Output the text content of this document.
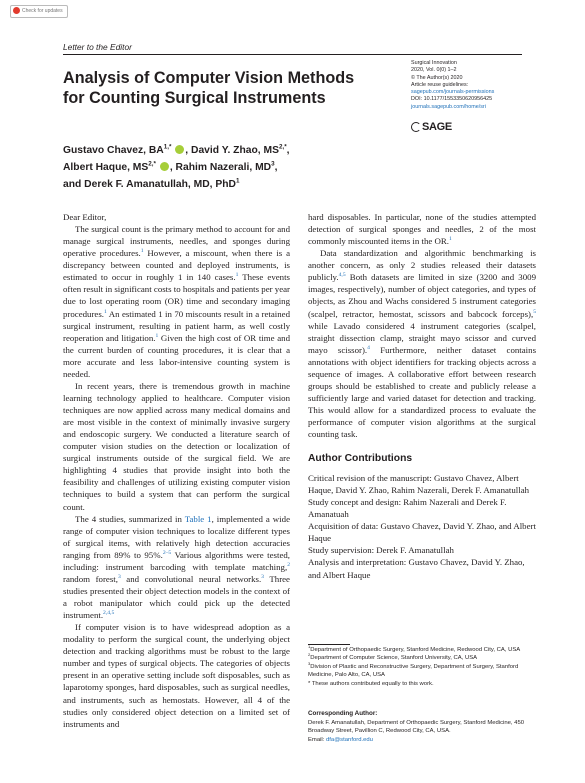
Check for updates
Letter to the Editor
Surgical Innovation
2020, Vol. 0(0) 1–2
© The Author(s) 2020
Article reuse guidelines:
sagepub.com/journals-permissions
DOI: 10.1177/1553350620956425
journals.sagepub.com/home/sri
SAGE
Analysis of Computer Vision Methods
for Counting Surgical Instruments
Gustavo Chavez, $BA^{1,*}$ , David Y. Zhao, $MS^{2,*}$,
Albert Haque, $MS^{2,*}$ , Rahim Nazerali, $MD^3$,
and Derek F. Amanatullah, MD, PhD$^1$

Dear Editor,

The surgical count is the primary method to account for and manage surgical instruments, needles, and sponges during operative procedures.$^1$ However, a miscount, when there is a discrepancy between counted and deployed instruments, is estimated to occur in roughly 1 in 140 cases.$^1$ These events often result in significant costs to hospitals and patients per year due to lost operating room (OR) time and secondary imaging procedures.$^1$ An estimated 1 in 70 miscounts result in a retained surgical instrument, resulting in patient harm, as well costly reoperation and litigation.$^1$ Given the high cost of OR time and the current burden of counting procedures, it is clear that a more accurate and less labor-intensive counting system is needed.

In recent years, there is tremendous growth in machine learning technology applied to healthcare. Computer vision techniques are now applied across many medical domains and are most visible in the context of minimally invasive surgery and endoscopic surgery. We conducted a literature search of computer vision studies on the detection or localization of surgical instruments outside of the surgical field. We are highlighting 4 studies that provide insight into both the feasibility and challenges of utilizing existing computer vision techniques to build a system that can perform the surgical count.

The 4 studies, summarized in Table 1, implemented a wide range of computer vision techniques to localize different types of surgical items, with relatively high detection accuracies ranging from 89% to 95%.$^{2-5}$ Various algorithms were tested, including: instrument barcoding with template matching,$^2$ random forest,$^3$ and convolutional neural networks.$^3$ Three studies presented their object detection models in the context of a robot manipulator which could pick up the detected instrument.$^{2,4,5}$

If computer vision is to have widespread adoption as a modality to perform the surgical count, the underlying object detection and tracking algorithms must be robust to the large number and types of surgical objects. The categories of objects present in an operative setting include soft disposables, such as laparotomy sponges, hard disposables, such as surgical needles, and instruments, such as hemostats. However, all 4 of the studies only considered object detection on a limited set of instruments and

hard disposables. In particular, none of the studies attempted detection of surgical sponges and needles, 2 of the most commonly miscounted items in the OR.$^1$

Data standardization and algorithmic benchmarking is another concern, as only 2 studies released their datasets publicly.$^{4,5}$ Both datasets are limited in size (3200 and 3009 images, respectively), number of object categories, and types of objects, as Zhou and Wachs considered 5 instrument categories (scalpel, retractor, hemostat, scissors and babcock forceps),$^5$ while Lavado considered 4 instrument categories (scalpel, straight dissection clamp, straight mayo scissor and curved mayo scissor).$^4$ Furthermore, neither dataset contains annotations with object identifiers for tracking objects across a sequence of images. A collaborative effort between research groups should be established to create and publicly release a sufficiently large and varied dataset for detection and tracking. This would allow for a standardized process to evaluate the performance of computer vision algorithms at the surgical counting task.

Author Contributions

Critical revision of the manuscript: Gustavo Chavez, Albert Haque, David Y. Zhao, Rahim Nazerali, Derek F. Amanatullah

Study concept and design: Rahim Nazerali and Derek F. Amanatuah

Acquisition of data: Gustavo Chavez, David Y. Zhao, and Albert Haque

Study supervision: Derek F. Amanatullah

Analysis and interpretation: Gustavo Chavez, David Y. Zhao, and Albert Haque

$^1$Department of Orthopaedic Surgery, Stanford Medicine, Redwood City, CA, USA

$^2$Department of Computer Science, Stanford University, CA, USA

$^3$Division of Plastic and Reconstructive Surgery, Department of Surgery, Stanford Medicine, Palo Alto, CA, USA

* These authors contributed equally to this work.

Corresponding Author:
Derek F. Amanatullah, Department of Orthopaedic Surgery, Stanford Medicine, 450 Broadway Street, Pavillion C, Redwood City, CA, USA.
Email: dfa@stanford.edu
